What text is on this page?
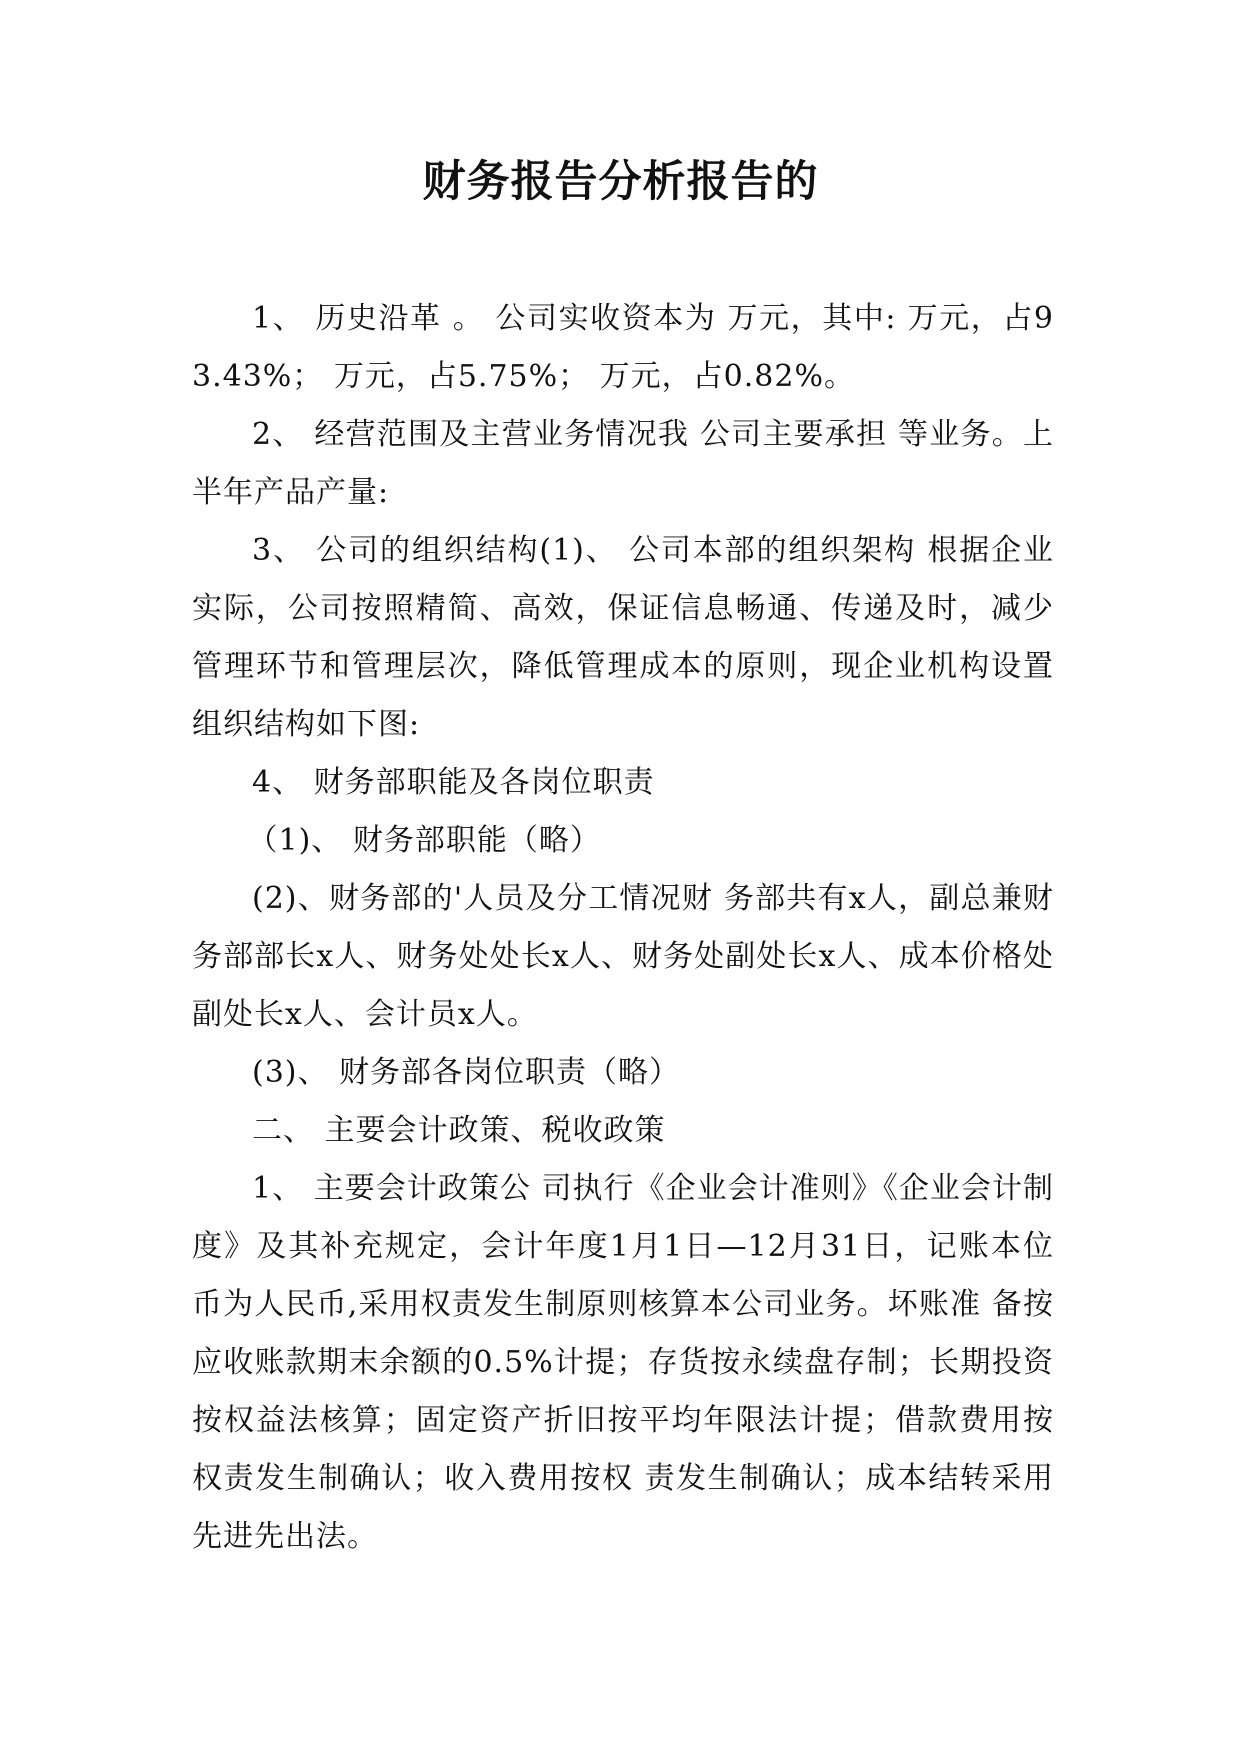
财务报告分析报告的

1、 历史沿革 。 公司实收资本为 万元，其中: 万元，占93.43%； 万元，占5.75%； 万元，占0.82%。

2、 经营范围及主营业务情况我 公司主要承担 等业务。上半年产品产量:

3、 公司的组织结构(1)、 公司本部的组织架构 根据企业实际，公司按照精简、高效，保证信息畅通、传递及时，减少管理环节和管理层次，降低管理成本的原则，现企业机构设置组织结构如下图:

4、 财务部职能及各岗位职责

（1)、 财务部职能（略）

(2)、财务部的'人员及分工情况财 务部共有x人，副总兼财务部部长x人、财务处处长x人、财务处副处长x人、成本价格处副处长x人、会计员x人。

(3)、 财务部各岗位职责（略）

二、 主要会计政策、税收政策

1、 主要会计政策公 司执行《企业会计准则》《企业会计制度》及其补充规定，会计年度1月1日—12月31日，记账本位币为人民币,采用权责发生制原则核算本公司业务。坏账准 备按应收账款期末余额的0.5%计提；存货按永续盘存制；长期投资按权益法核算；固定资产折旧按平均年限法计提；借款费用按权责发生制确认；收入费用按权 责发生制确认；成本结转采用先进先出法。
